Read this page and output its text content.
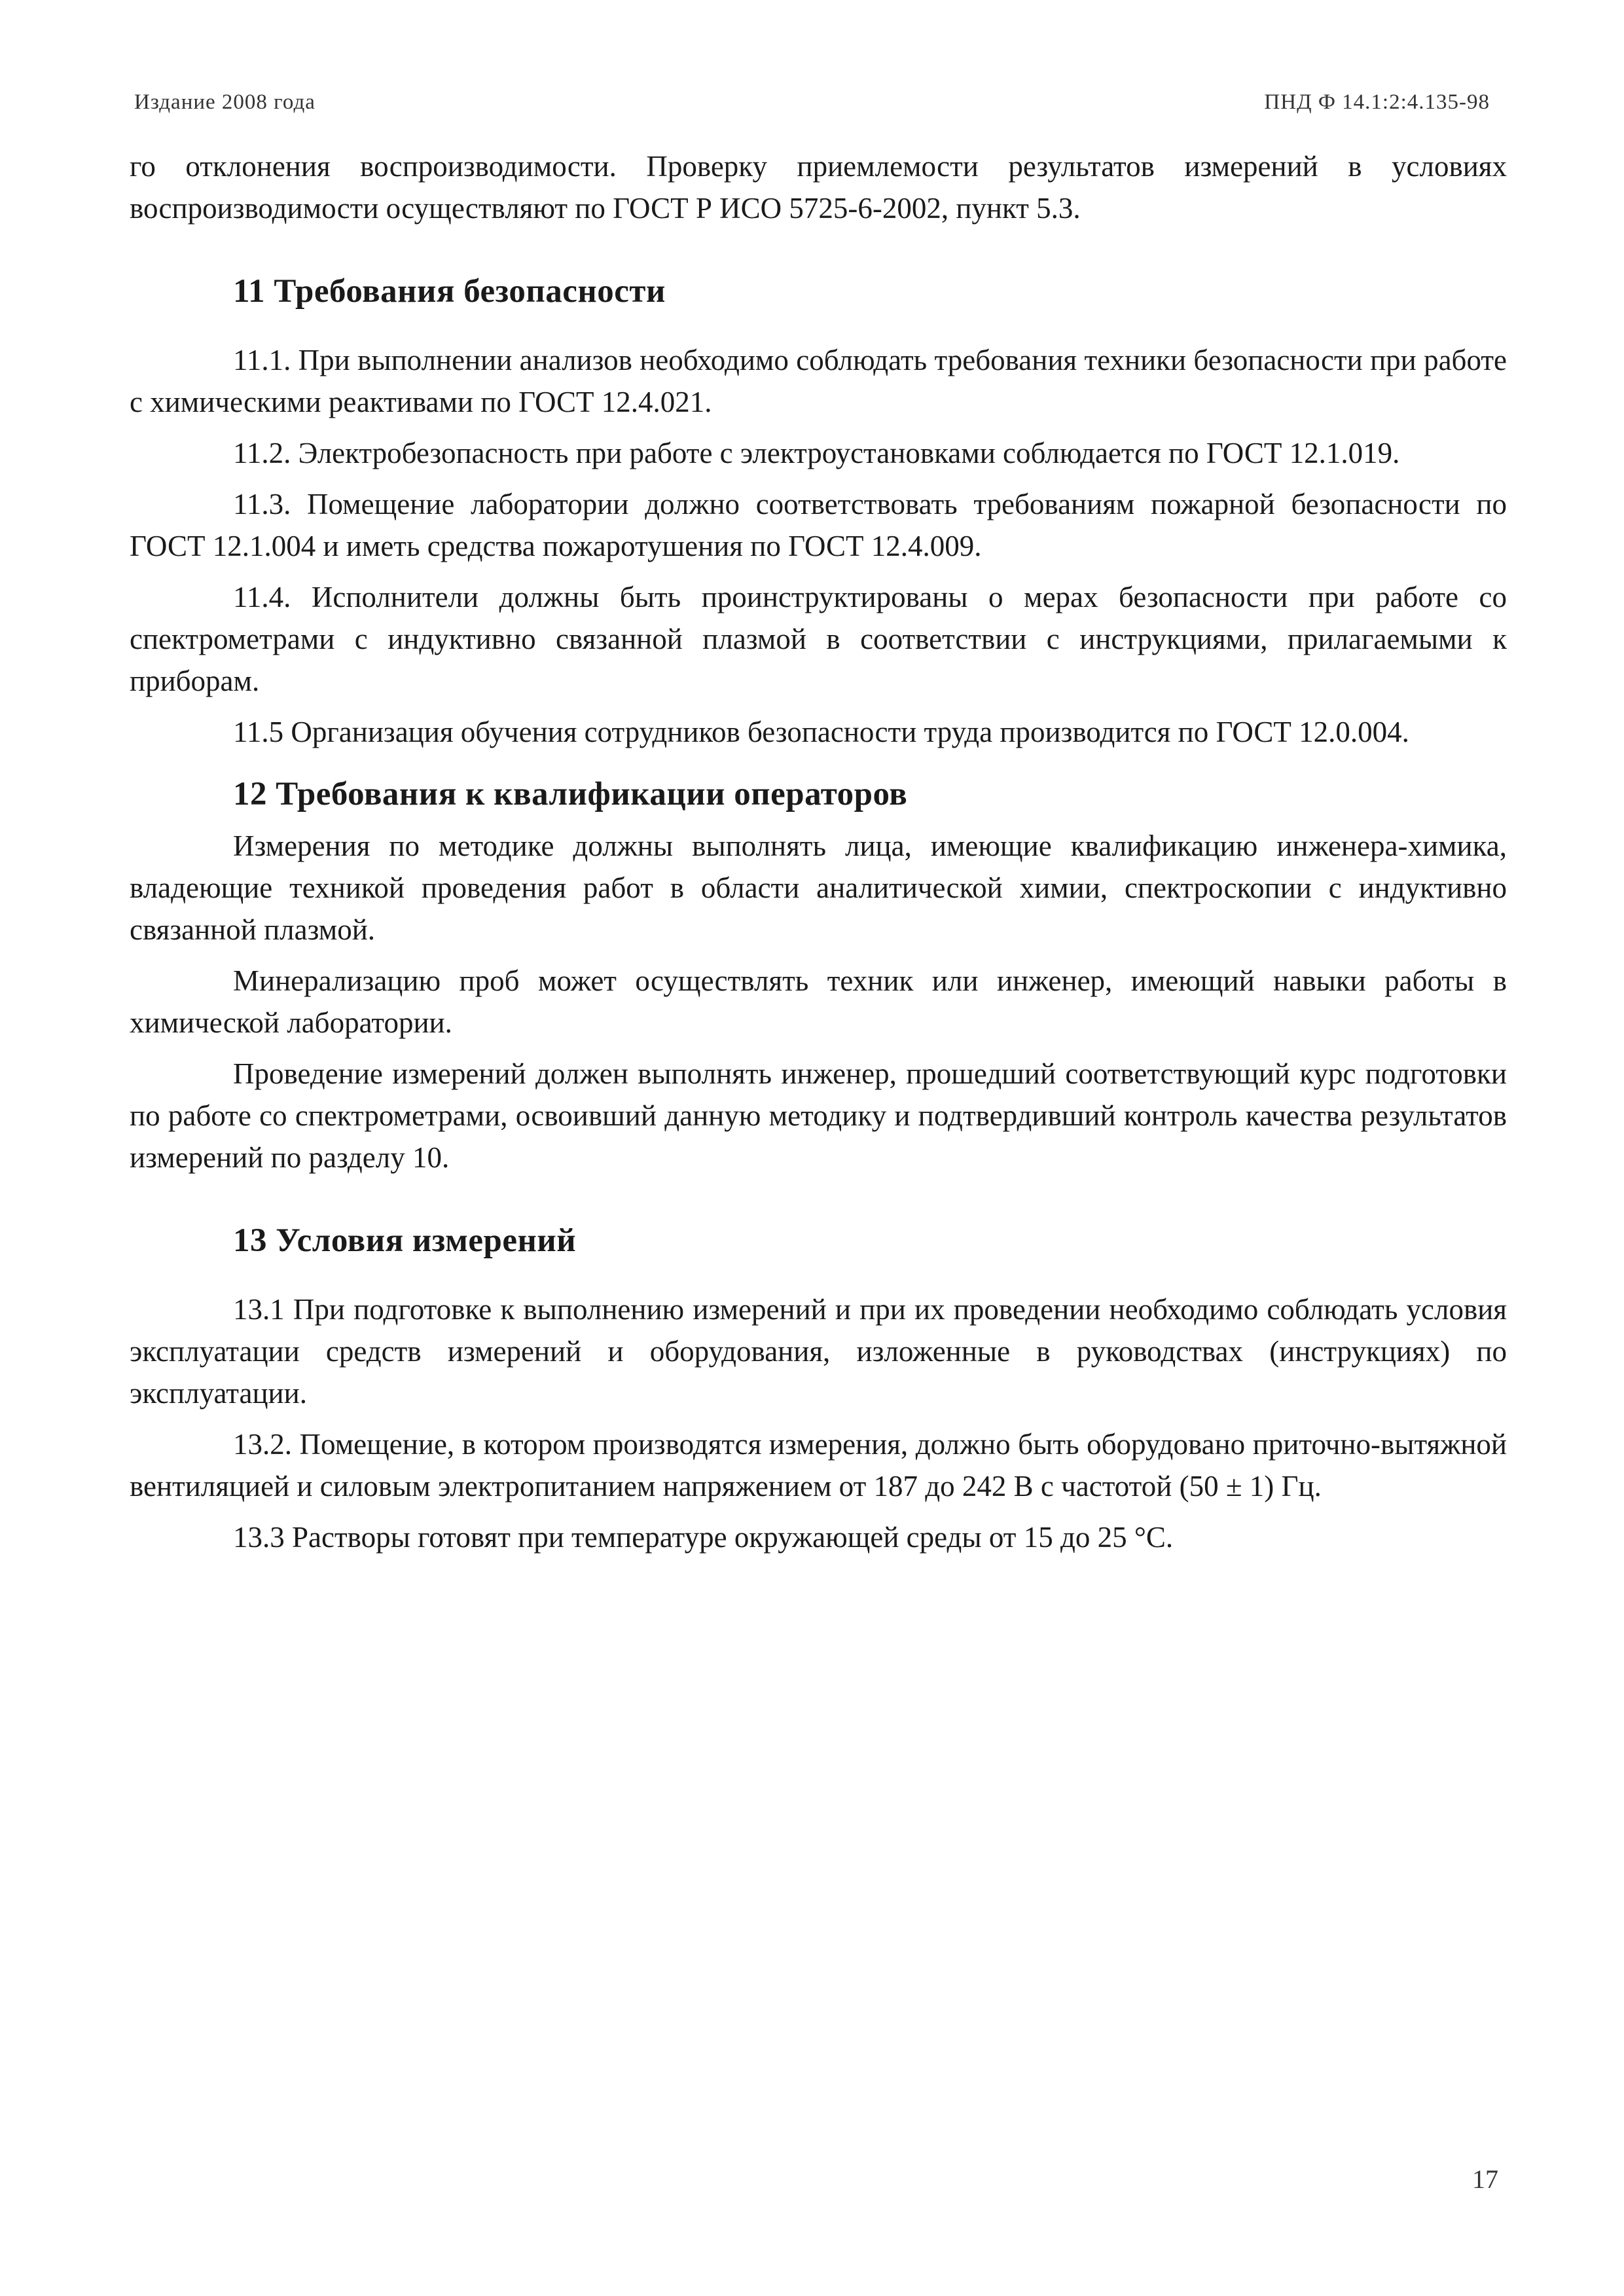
Издание 2008 года	ПНД Ф 14.1:2:4.135-98

го отклонения воспроизводимости. Проверку приемлемости результатов измерений в условиях воспроизводимости осуществляют по ГОСТ Р ИСО 5725-6-2002, пункт 5.3.

11 Требования безопасности

11.1. При выполнении анализов необходимо соблюдать требования техники безопасности при работе с химическими реактивами по ГОСТ 12.4.021.

11.2. Электробезопасность при работе с электроустановками соблюдается по ГОСТ 12.1.019.

11.3. Помещение лаборатории должно соответствовать требованиям пожарной безопасности по ГОСТ 12.1.004 и иметь средства пожаротушения по ГОСТ 12.4.009.

11.4. Исполнители должны быть проинструктированы о мерах безопасности при работе со спектрометрами с индуктивно связанной плазмой в соответствии с инструкциями, прилагаемыми к приборам.

11.5 Организация обучения сотрудников безопасности труда производится по ГОСТ 12.0.004.

12 Требования к квалификации операторов

Измерения по методике должны выполнять лица, имеющие квалификацию инженера-химика, владеющие техникой проведения работ в области аналитической химии, спектроскопии с индуктивно связанной плазмой.

Минерализацию проб может осуществлять техник или инженер, имеющий навыки работы в химической лаборатории.

Проведение измерений должен выполнять инженер, прошедший соответствующий курс подготовки по работе со спектрометрами, освоивший данную методику и подтвердивший контроль качества результатов измерений по разделу 10.

13 Условия измерений

13.1 При подготовке к выполнению измерений и при их проведении необходимо соблюдать условия эксплуатации средств измерений и оборудования, изложенные в руководствах (инструкциях) по эксплуатации.

13.2. Помещение, в котором производятся измерения, должно быть оборудовано приточно-вытяжной вентиляцией и силовым электропитанием напряжением от 187 до 242 В с частотой (50 ± 1) Гц.

13.3 Растворы готовят при температуре окружающей среды от 15 до 25 °С.

17
